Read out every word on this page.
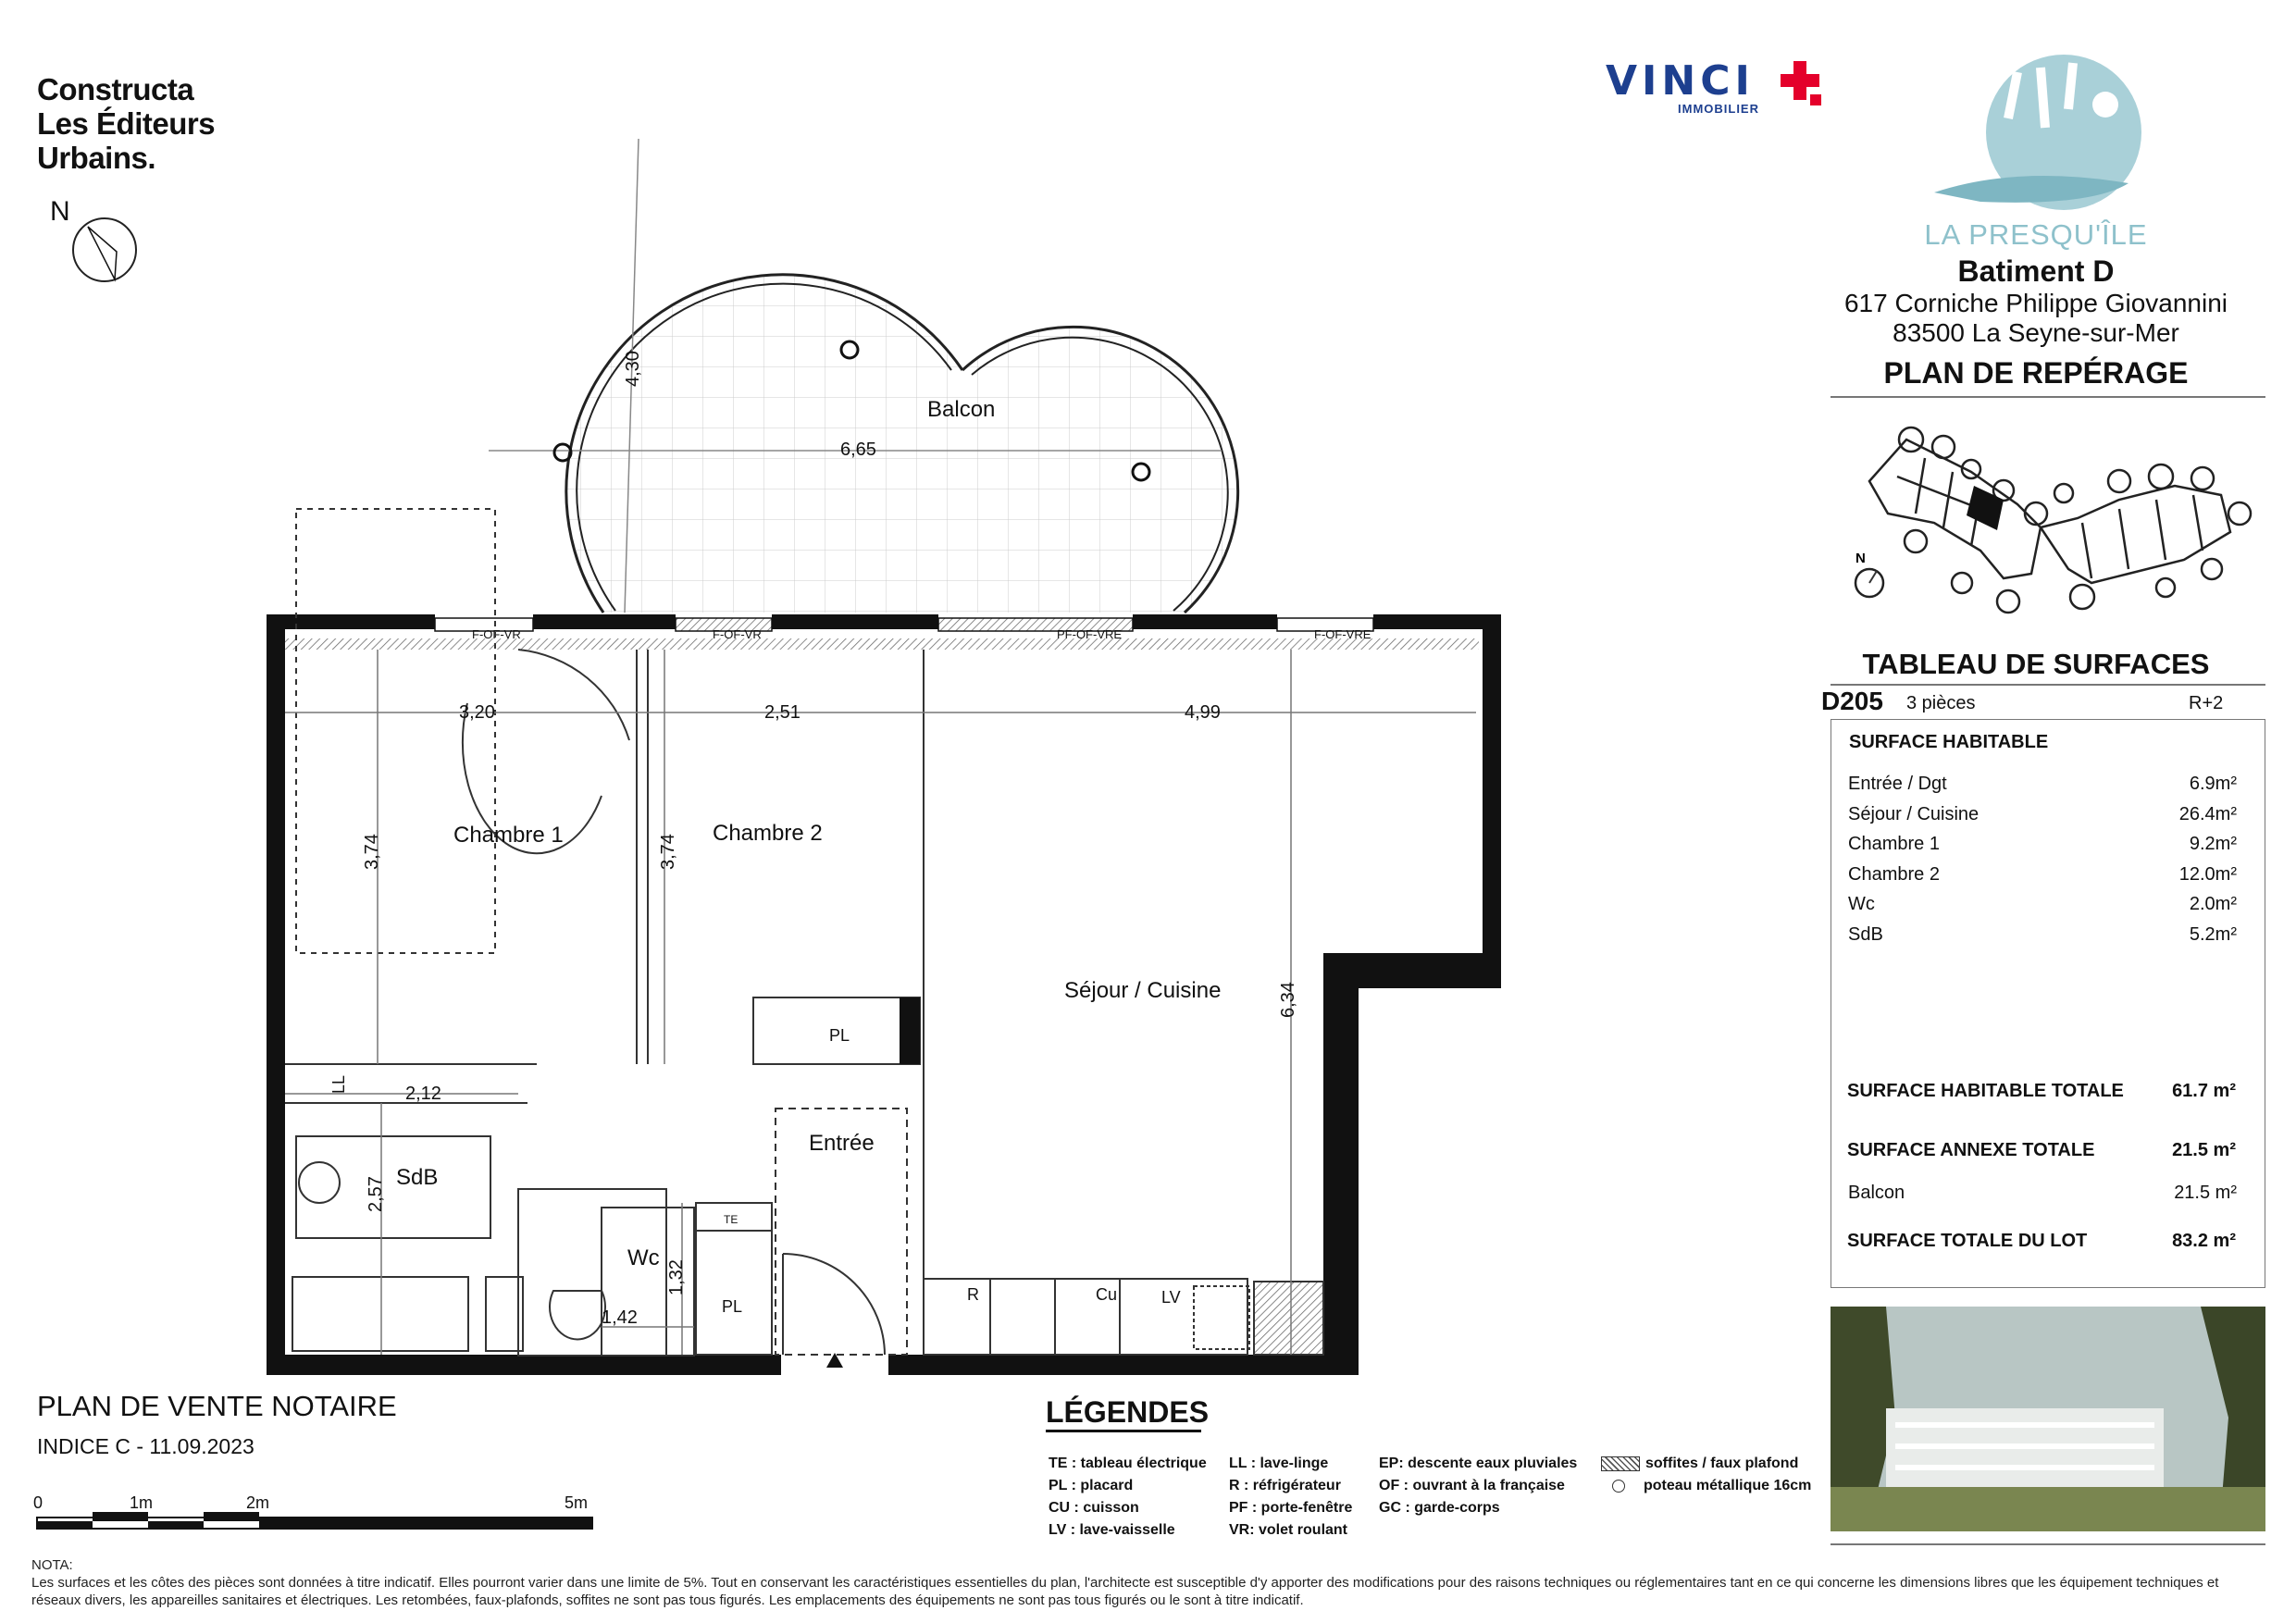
Constructa
Les Éditeurs
Urbains.
VINCI
IMMOBILIER
LA PRESQU'ÎLE
Batiment D
617 Corniche Philippe Giovannini
83500 La Seyne-sur-Mer
PLAN DE REPÉRAGE
N
TABLEAU DE SURFACES
D205 3 pièces	R+2
SURFACE HABITABLE
Entrée / Dgt	6.9m²
Séjour / Cuisine	26.4m²
Chambre 1	9.2m²
Chambre 2	12.0m²
Wc	2.0m²
SdB	5.2m²
SURFACE HABITABLE TOTALE	61.7 m²
SURFACE ANNEXE TOTALE	21.5 m²
Balcon	21.5 m²
SURFACE TOTALE DU LOT	83.2 m²
N
F-OF-VR	F-OF-VR	PF-OF-VRE	F-OF-VRE
3,20	2,51	4,99
6,65
4,30
3,74	3,74
6,34
2,12
2,57
1,32
1,42
Balcon
Chambre 1	Chambre 2
Séjour / Cuisine
Entrée
SdB
Wc
PL
PL
LL
TE
R	Cu	LV
0	1m	2m	5m
PLAN DE VENTE NOTAIRE
INDICE C - 11.09.2023
LÉGENDES
TE : tableau électrique
PL : placard
CU : cuisson
LV : lave-vaisselle
LL : lave-linge
R : réfrigérateur
PF : porte-fenêtre
VR: volet roulant
EP: descente eaux pluviales
OF : ouvrant à la française
GC : garde-corps
soffites / faux plafond
poteau métallique 16cm
NOTA:
Les surfaces et les côtes des pièces sont données à titre indicatif. Elles pourront varier dans une limite de 5%. Tout en conservant les caractéristiques essentielles du plan, l'architecte est susceptible d'y apporter des modifications pour des raisons techniques ou réglementaires tant en ce qui concerne les dimensions libres que les équipement techniques et réseaux divers, les appareilles sanitaires et électriques. Les retombées, faux-plafonds, soffites ne sont pas tous figurés. Les emplacements des équipements ne sont pas tous figurés ou le sont à titre indicatif.
